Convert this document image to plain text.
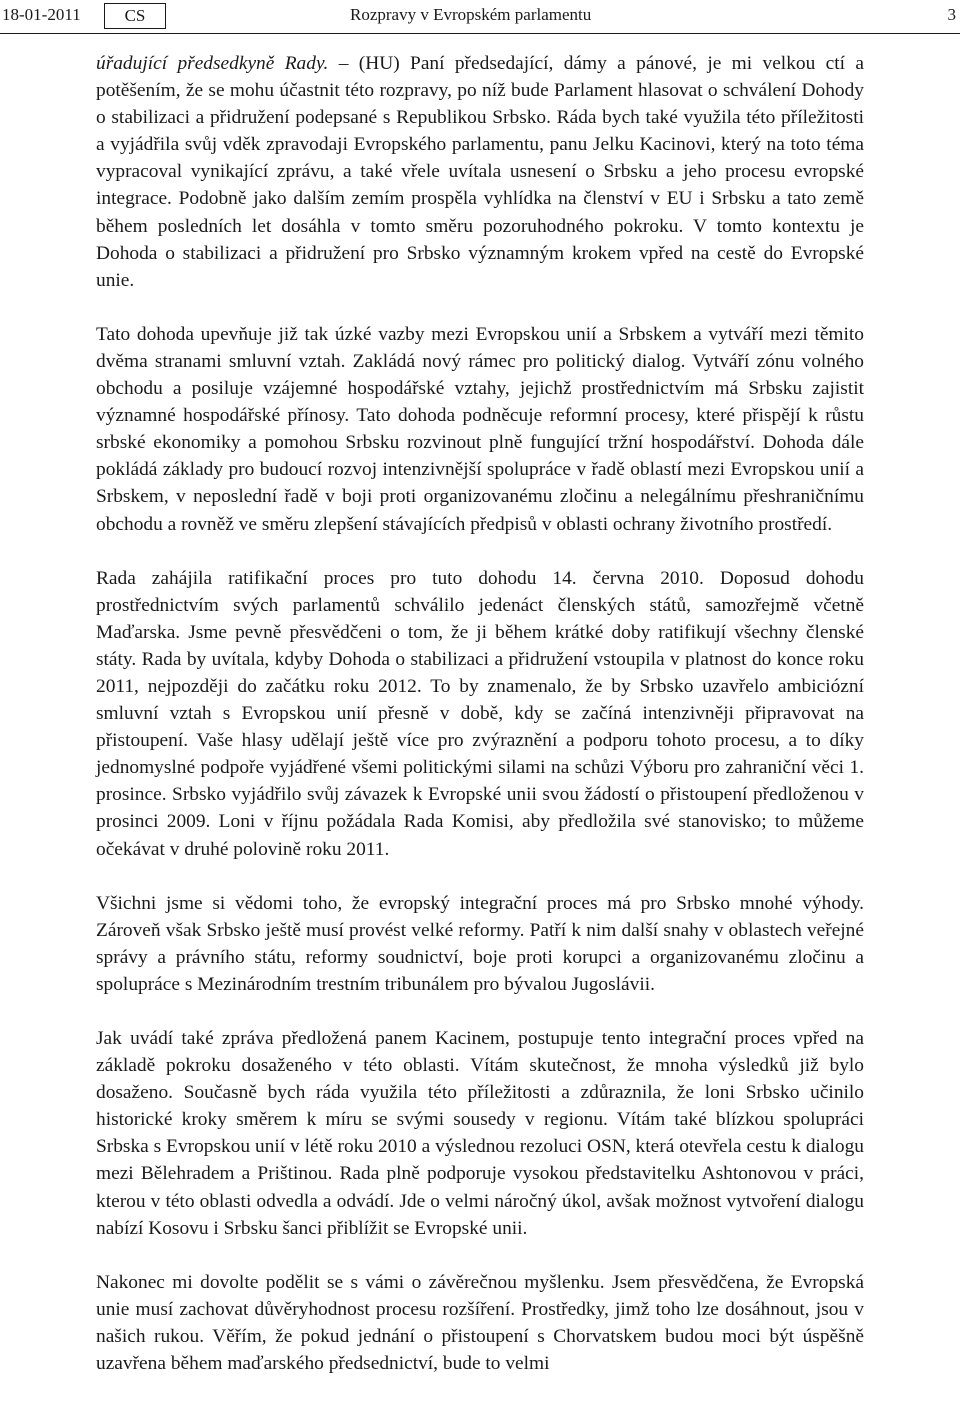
18-01-2011	CS	Rozpravy v Evropském parlamentu	3

úřadující předsedkyně Rady. – (HU) Paní předsedající, dámy a pánové, je mi velkou ctí a potěšením, že se mohu účastnit této rozpravy, po níž bude Parlament hlasovat o schválení Dohody o stabilizaci a přidružení podepsané s Republikou Srbsko. Ráda bych také využila této příležitosti a vyjádřila svůj vděk zpravodaji Evropského parlamentu, panu Jelku Kacinovi, který na toto téma vypracoval vynikající zprávu, a také vřele uvítala usnesení o Srbsku a jeho procesu evropské integrace. Podobně jako dalším zemím prospěla vyhlídka na členství v EU i Srbsku a tato země během posledních let dosáhla v tomto směru pozoruhodného pokroku. V tomto kontextu je Dohoda o stabilizaci a přidružení pro Srbsko významným krokem vpřed na cestě do Evropské unie.

Tato dohoda upevňuje již tak úzké vazby mezi Evropskou unií a Srbskem a vytváří mezi těmito dvěma stranami smluvní vztah. Zakládá nový rámec pro politický dialog. Vytváří zónu volného obchodu a posiluje vzájemné hospodářské vztahy, jejichž prostřednictvím má Srbsku zajistit významné hospodářské přínosy. Tato dohoda podněcuje reformní procesy, které přispějí k růstu srbské ekonomiky a pomohou Srbsku rozvinout plně fungující tržní hospodářství. Dohoda dále pokládá základy pro budoucí rozvoj intenzivnější spolupráce v řadě oblastí mezi Evropskou unií a Srbskem, v neposlední řadě v boji proti organizovanému zločinu a nelegálnímu přeshraničnímu obchodu a rovněž ve směru zlepšení stávajících předpisů v oblasti ochrany životního prostředí.

Rada zahájila ratifikační proces pro tuto dohodu 14. června 2010. Doposud dohodu prostřednictvím svých parlamentů schválilo jedenáct členských států, samozřejmě včetně Maďarska. Jsme pevně přesvědčeni o tom, že ji během krátké doby ratifikují všechny členské státy. Rada by uvítala, kdyby Dohoda o stabilizaci a přidružení vstoupila v platnost do konce roku 2011, nejpozději do začátku roku 2012. To by znamenalo, že by Srbsko uzavřelo ambiciózní smluvní vztah s Evropskou unií přesně v době, kdy se začíná intenzivněji připravovat na přistoupení. Vaše hlasy udělají ještě více pro zvýraznění a podporu tohoto procesu, a to díky jednomyslné podpoře vyjádřené všemi politickými silami na schůzi Výboru pro zahraniční věci 1. prosince. Srbsko vyjádřilo svůj závazek k Evropské unii svou žádostí o přistoupení předloženou v prosinci 2009. Loni v říjnu požádala Rada Komisi, aby předložila své stanovisko; to můžeme očekávat v druhé polovině roku 2011.

Všichni jsme si vědomi toho, že evropský integrační proces má pro Srbsko mnohé výhody. Zároveň však Srbsko ještě musí provést velké reformy. Patří k nim další snahy v oblastech veřejné správy a právního státu, reformy soudnictví, boje proti korupci a organizovanému zločinu a spolupráce s Mezinárodním trestním tribunálem pro bývalou Jugoslávii.

Jak uvádí také zpráva předložená panem Kacinem, postupuje tento integrační proces vpřed na základě pokroku dosaženého v této oblasti. Vítám skutečnost, že mnoha výsledků již bylo dosaženo. Současně bych ráda využila této příležitosti a zdůraznila, že loni Srbsko učinilo historické kroky směrem k míru se svými sousedy v regionu. Vítám také blízkou spolupráci Srbska s Evropskou unií v létě roku 2010 a výslednou rezoluci OSN, která otevřela cestu k dialogu mezi Bělehradem a Prištinou. Rada plně podporuje vysokou představitelku Ashtonovou v práci, kterou v této oblasti odvedla a odvádí. Jde o velmi náročný úkol, avšak možnost vytvoření dialogu nabízí Kosovu i Srbsku šanci přiblížit se Evropské unii.

Nakonec mi dovolte podělit se s vámi o závěrečnou myšlenku. Jsem přesvědčena, že Evropská unie musí zachovat důvěryhodnost procesu rozšíření. Prostředky, jimž toho lze dosáhnout, jsou v našich rukou. Věřím, že pokud jednání o přistoupení s Chorvatskem budou moci být úspěšně uzavřena během maďarského předsednictví, bude to velmi
